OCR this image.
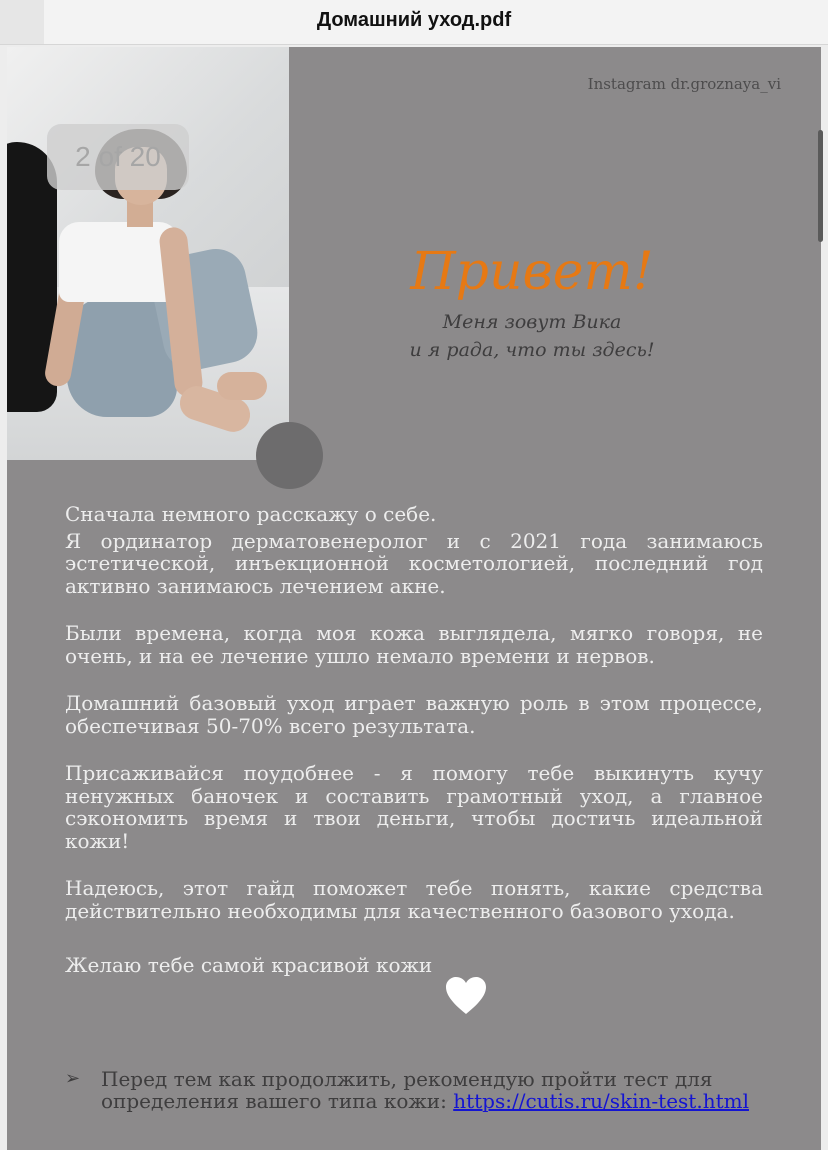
Домашний уход.pdf
2 of 20
Instagram dr.groznaya_vi
Привет!
Меня зовут Вика
и я рада, что ты здесь!

Сначала немного расскажу о себе.

Я ординатор дерматовенеролог и с 2021 года занимаюсь эстетической, инъекционной косметологией, последний год активно занимаюсь лечением акне.

Были времена, когда моя кожа выглядела, мягко говоря, не очень, и на ее лечение ушло немало времени и нервов.

Домашний базовый уход играет важную роль в этом процессе, обеспечивая 50-70% всего результата.

Присаживайся поудобнее - я помогу тебе выкинуть кучу ненужных баночек и составить грамотный уход, а главное сэкономить время и твои деньги, чтобы достичь идеальной кожи!

Надеюсь, этот гайд поможет тебе понять, какие средства действительно необходимы для качественного базового ухода.

Желаю тебе самой красивой кожи

➢ Перед тем как продолжить, рекомендую пройти тест для определения вашего типа кожи: https://cutis.ru/skin-test.html
